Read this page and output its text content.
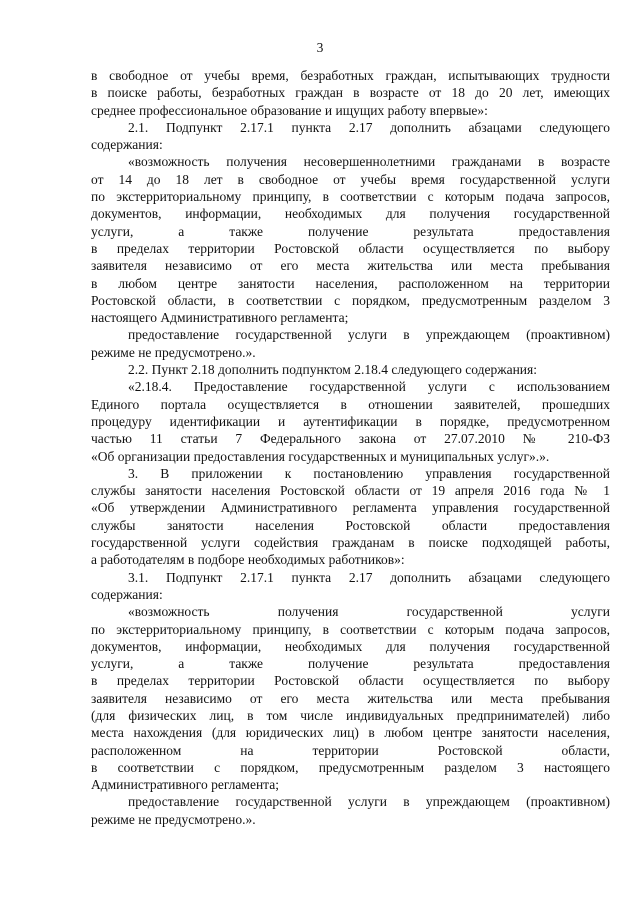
3

в свободное от учебы время, безработных граждан, испытывающих трудности
в поиске работы, безработных граждан в возрасте от 18 до 20 лет, имеющих
среднее профессиональное образование и ищущих работу впервые»:

2.1. Подпункт 2.17.1 пункта 2.17 дополнить абзацами следующего
содержания:

«возможность получения несовершеннолетними гражданами в возрасте
от 14 до 18 лет в свободное от учебы время государственной услуги
по экстерриториальному принципу, в соответствии с которым подача запросов,
документов, информации, необходимых для получения государственной
услуги, а также получение результата предоставления
в пределах территории Ростовской области осуществляется по выбору
заявителя независимо от его места жительства или места пребывания
в любом центре занятости населения, расположенном на территории
Ростовской области, в соответствии с порядком, предусмотренным разделом 3
настоящего Административного регламента;

предоставление государственной услуги в упреждающем (проактивном)
режиме не предусмотрено.».

2.2. Пункт 2.18 дополнить подпунктом 2.18.4 следующего содержания:

«2.18.4. Предоставление государственной услуги с использованием
Единого портала осуществляется в отношении заявителей, прошедших
процедуру идентификации и аутентификации в порядке, предусмотренном
частью 11 статьи 7 Федерального закона от 27.07.2010 № 210-ФЗ
«Об организации предоставления государственных и муниципальных услуг».».

3. В приложении к постановлению управления государственной
службы занятости населения Ростовской области от 19 апреля 2016 года № 1
«Об утверждении Административного регламента управления государственной
службы занятости населения Ростовской области предоставления
государственной услуги содействия гражданам в поиске подходящей работы,
а работодателям в подборе необходимых работников»:

3.1. Подпункт 2.17.1 пункта 2.17 дополнить абзацами следующего
содержания:

«возможность получения государственной услуги
по экстерриториальному принципу, в соответствии с которым подача запросов,
документов, информации, необходимых для получения государственной
услуги, а также получение результата предоставления
в пределах территории Ростовской области осуществляется по выбору
заявителя независимо от его места жительства или места пребывания
(для физических лиц, в том числе индивидуальных предпринимателей) либо
места нахождения (для юридических лиц) в любом центре занятости населения,
расположенном на территории Ростовской области,
в соответствии с порядком, предусмотренным разделом 3 настоящего
Административного регламента;

предоставление государственной услуги в упреждающем (проактивном)
режиме не предусмотрено.».
